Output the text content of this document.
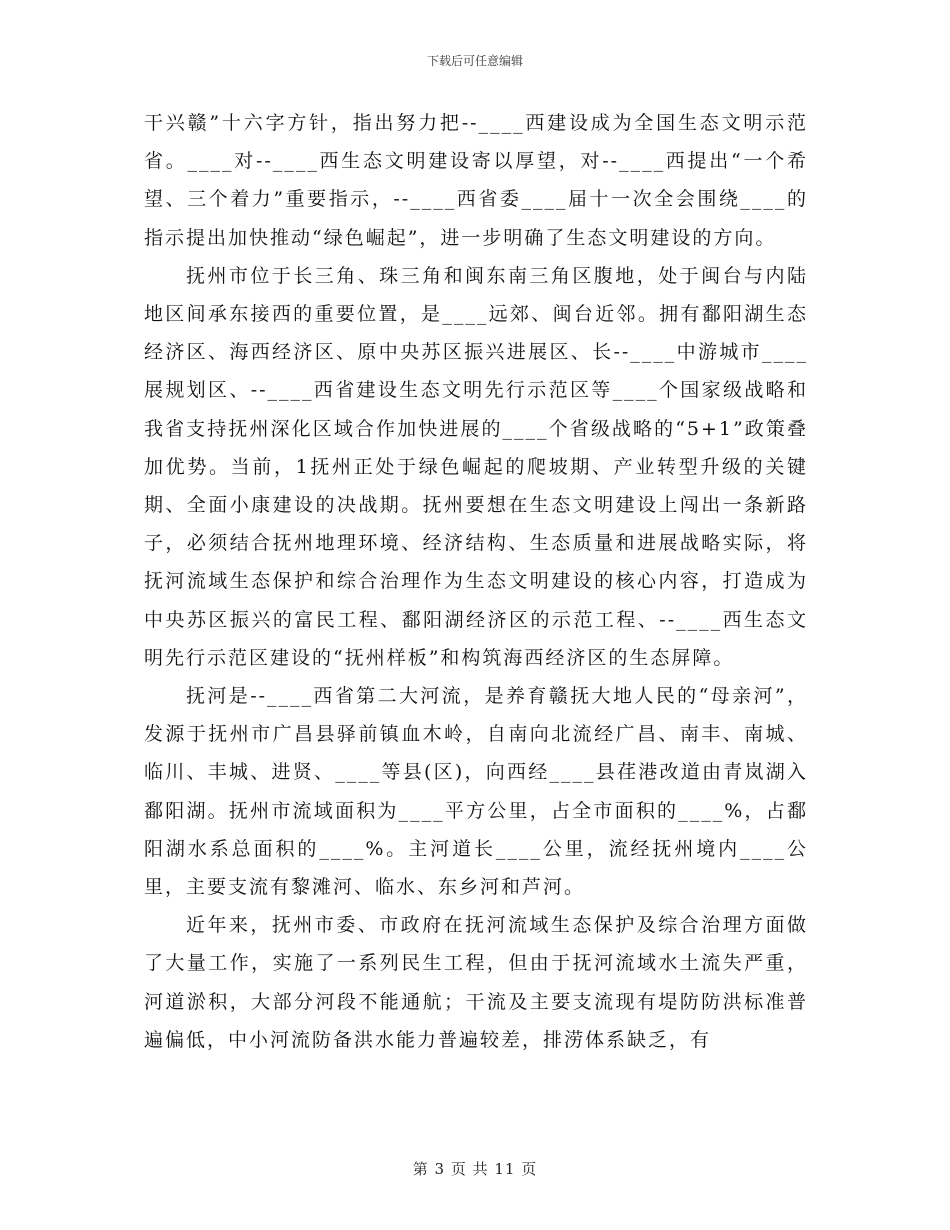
下载后可任意编辑

干兴赣”十六字方针，指出努力把--____西建设成为全国生态文明示范省。____对--____西生态文明建设寄以厚望，对--____西提出“一个希望、三个着力”重要指示，--____西省委____届十一次全会围绕____的指示提出加快推动“绿色崛起”，进一步明确了生态文明建设的方向。

抚州市位于长三角、珠三角和闽东南三角区腹地，处于闽台与内陆地区间承东接西的重要位置，是____远郊、闽台近邻。拥有鄱阳湖生态经济区、海西经济区、原中央苏区振兴进展区、长--____中游城市____展规划区、--____西省建设生态文明先行示范区等____个国家级战略和我省支持抚州深化区域合作加快进展的____个省级战略的“5+1”政策叠加优势。当前，1抚州正处于绿色崛起的爬坡期、产业转型升级的关键期、全面小康建设的决战期。抚州要想在生态文明建设上闯出一条新路子，必须结合抚州地理环境、经济结构、生态质量和进展战略实际，将抚河流域生态保护和综合治理作为生态文明建设的核心内容，打造成为中央苏区振兴的富民工程、鄱阳湖经济区的示范工程、--____西生态文明先行示范区建设的“抚州样板”和构筑海西经济区的生态屏障。

抚河是--____西省第二大河流，是养育赣抚大地人民的“母亲河”，发源于抚州市广昌县驿前镇血木岭，自南向北流经广昌、南丰、南城、临川、丰城、进贤、____等县(区)，向西经____县荏港改道由青岚湖入鄱阳湖。抚州市流域面积为____平方公里，占全市面积的____%，占鄱阳湖水系总面积的____%。主河道长____公里，流经抚州境内____公里，主要支流有黎滩河、临水、东乡河和芦河。

近年来，抚州市委、市政府在抚河流域生态保护及综合治理方面做了大量工作，实施了一系列民生工程，但由于抚河流域水土流失严重，河道淤积，大部分河段不能通航；干流及主要支流现有堤防防洪标准普遍偏低，中小河流防备洪水能力普遍较差，排涝体系缺乏，有

第 3 页 共 11 页
